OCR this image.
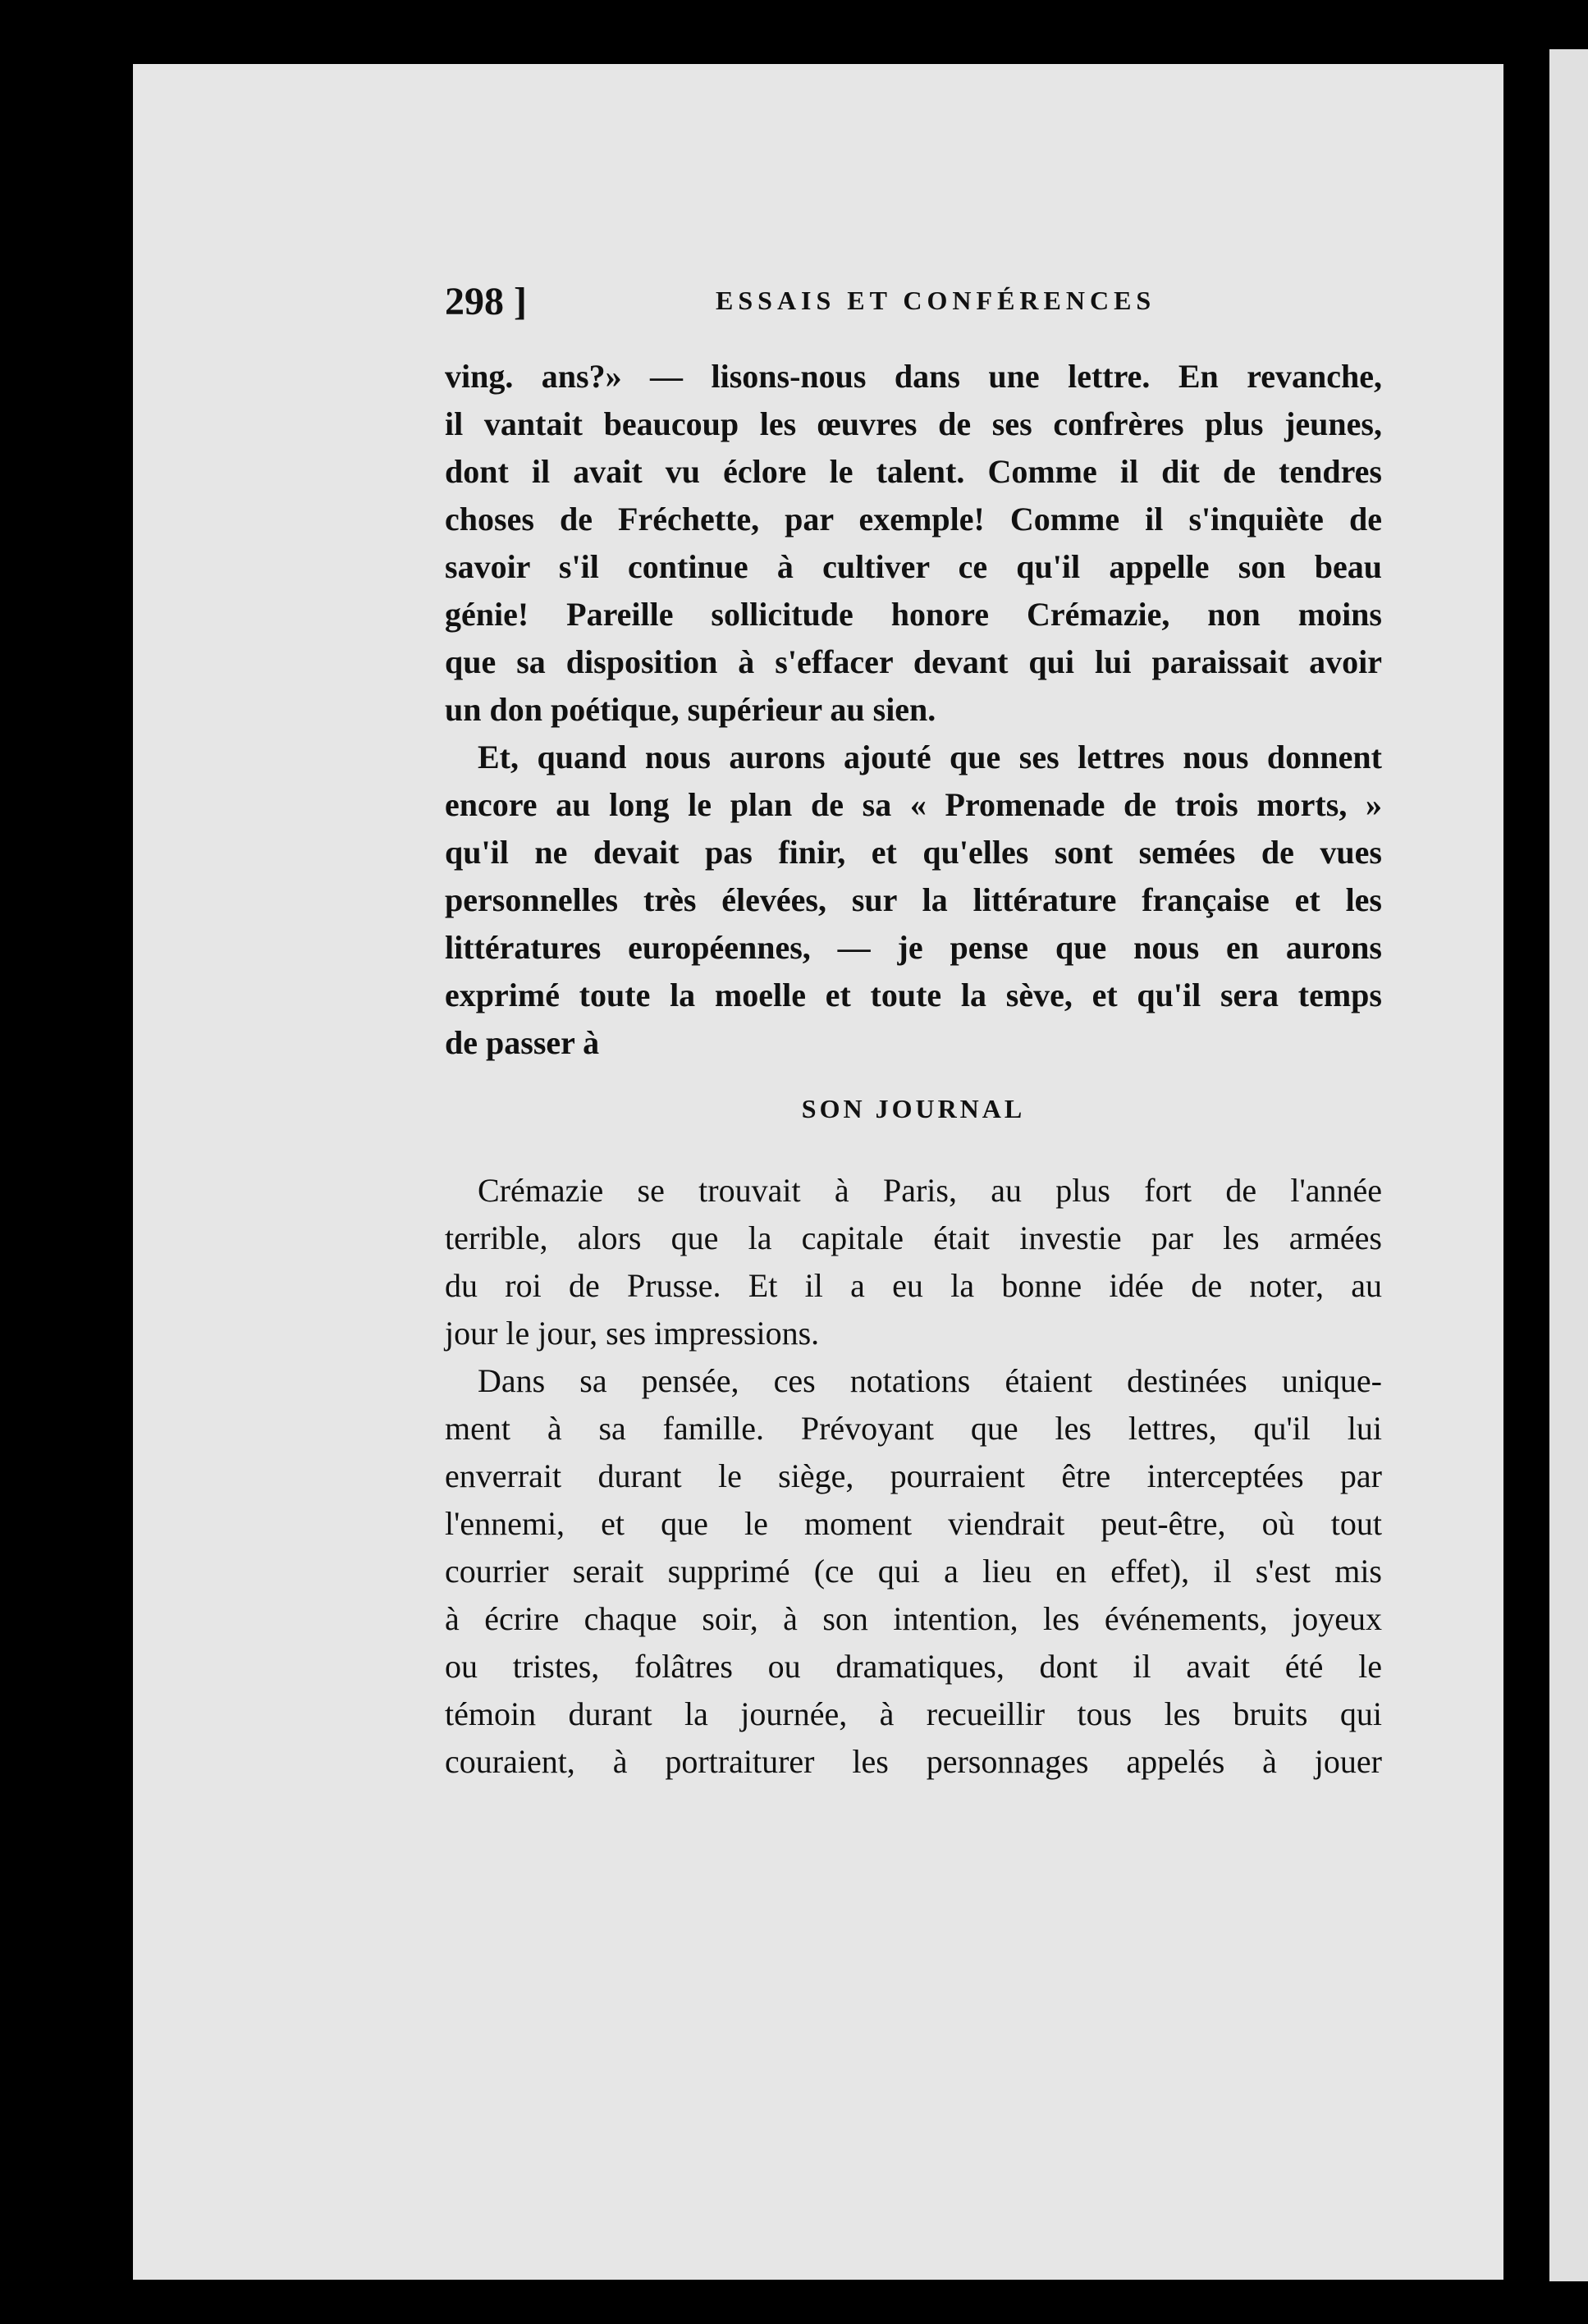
298 ]	ESSAIS ET CONFÉRENCES
ving. ans?» — lisons-nous dans une lettre. En revanche,
il vantait beaucoup les œuvres de ses confrères plus jeunes,
dont il avait vu éclore le talent. Comme il dit de tendres
choses de Fréchette, par exemple! Comme il s'inquiète de
savoir s'il continue à cultiver ce qu'il appelle son beau
génie! Pareille sollicitude honore Crémazie, non moins
que sa disposition à s'effacer devant qui lui paraissait avoir
un don poétique, supérieur au sien.
Et, quand nous aurons ajouté que ses lettres nous donnent
encore au long le plan de sa « Promenade de trois morts, »
qu'il ne devait pas finir, et qu'elles sont semées de vues
personnelles très élevées, sur la littérature française et les
littératures européennes, — je pense que nous en aurons
exprimé toute la moelle et toute la sève, et qu'il sera temps
de passer à
SON JOURNAL
Crémazie se trouvait à Paris, au plus fort de l'année
terrible, alors que la capitale était investie par les armées
du roi de Prusse. Et il a eu la bonne idée de noter, au
jour le jour, ses impressions.
Dans sa pensée, ces notations étaient destinées unique-
ment à sa famille. Prévoyant que les lettres, qu'il lui
enverrait durant le siège, pourraient être interceptées par
l'ennemi, et que le moment viendrait peut-être, où tout
courrier serait supprimé (ce qui a lieu en effet), il s'est mis
à écrire chaque soir, à son intention, les événements, joyeux
ou tristes, folâtres ou dramatiques, dont il avait été le
témoin durant la journée, à recueillir tous les bruits qui
couraient, à portraiturer les personnages appelés à jouer
